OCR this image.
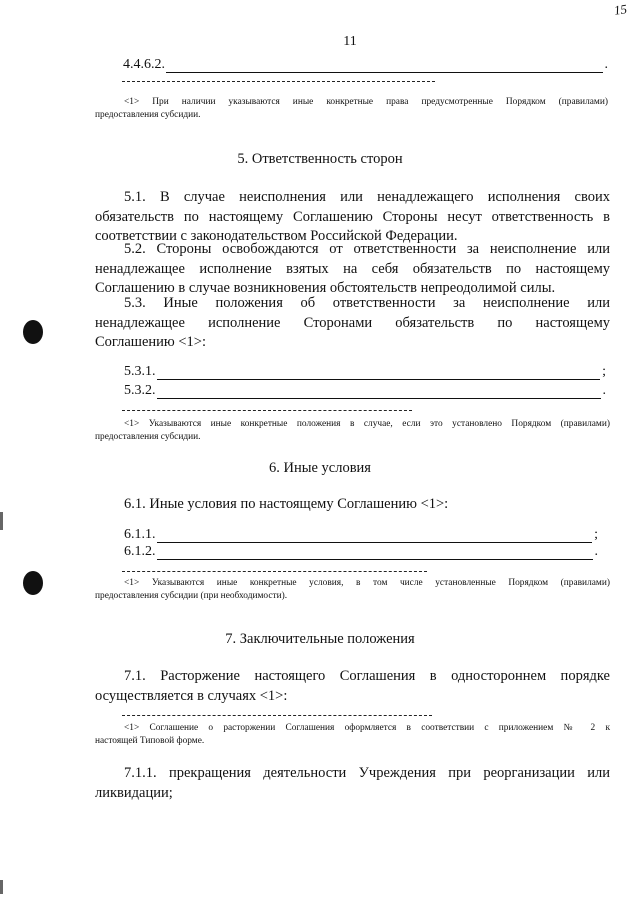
11
15
4.4.6.2.	.
<1> При наличии указываются иные конкретные права предусмотренные Порядком (правилами)
предоставления субсидии.
5. Ответственность сторон
5.1. В случае неисполнения или ненадлежащего исполнения своих
обязательств по настоящему Соглашению Стороны несут ответственность в
соответствии с законодательством Российской Федерации.
5.2. Стороны освобождаются от ответственности за неисполнение или
ненадлежащее исполнение взятых на себя обязательств по настоящему
Соглашению в случае возникновения обстоятельств непреодолимой силы.
5.3. Иные положения об ответственности за неисполнение или
ненадлежащее исполнение Сторонами обязательств по настоящему
Соглашению <1>:
5.3.1.	;
5.3.2.	.
<1> Указываются иные конкретные положения в случае, если это установлено Порядком (правилами)
предоставления субсидии.
6. Иные условия
6.1. Иные условия по настоящему Соглашению <1>:
6.1.1.	;
6.1.2.	.
<1> Указываются иные конкретные условия, в том числе установленные Порядком (правилами)
предоставления субсидии (при необходимости).
7. Заключительные положения
7.1. Расторжение настоящего Соглашения в одностороннем порядке
осуществляется в случаях <1>:
<1> Соглашение о расторжении Соглашения оформляется в соответствии с приложением № 2 к
настоящей Типовой форме.
7.1.1. прекращения деятельности Учреждения при реорганизации или
ликвидации;
